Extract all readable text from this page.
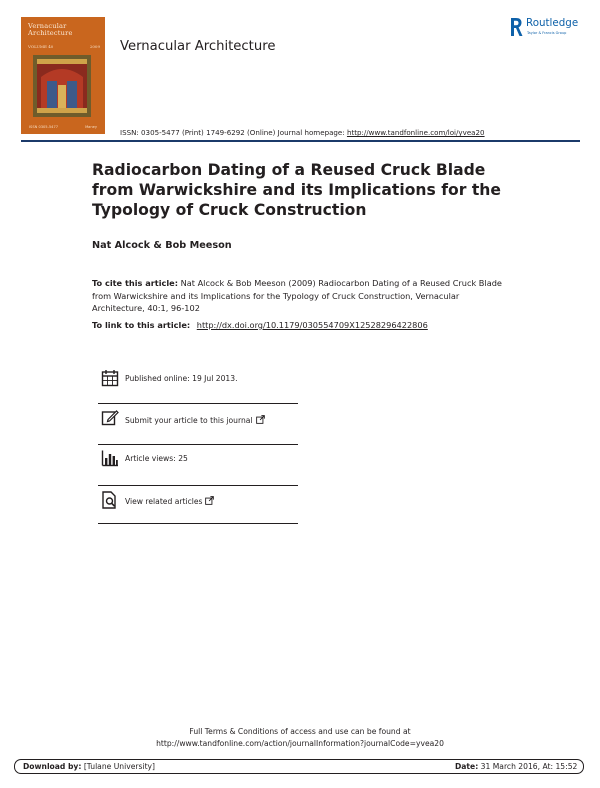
Vernacular Architecture
VOLUME 40	2009
ISSN 0305-5477	Maney
Vernacular Architecture
Routledge
Taylor & Francis Group
ISSN: 0305-5477 (Print) 1749-6292 (Online) Journal homepage: http://www.tandfonline.com/loi/yvea20
Radiocarbon Dating of a Reused Cruck Blade from Warwickshire and its Implications for the Typology of Cruck Construction
Nat Alcock & Bob Meeson
To cite this article: Nat Alcock & Bob Meeson (2009) Radiocarbon Dating of a Reused Cruck Blade from Warwickshire and its Implications for the Typology of Cruck Construction, Vernacular Architecture, 40:1, 96-102
To link to this article: http://dx.doi.org/10.1179/030554709X12528296422806
Published online: 19 Jul 2013.
Submit your article to this journal
Article views: 25
View related articles
Full Terms & Conditions of access and use can be found at
http://www.tandfonline.com/action/journalInformation?journalCode=yvea20
Download by: [Tulane University]	Date: 31 March 2016, At: 15:52
